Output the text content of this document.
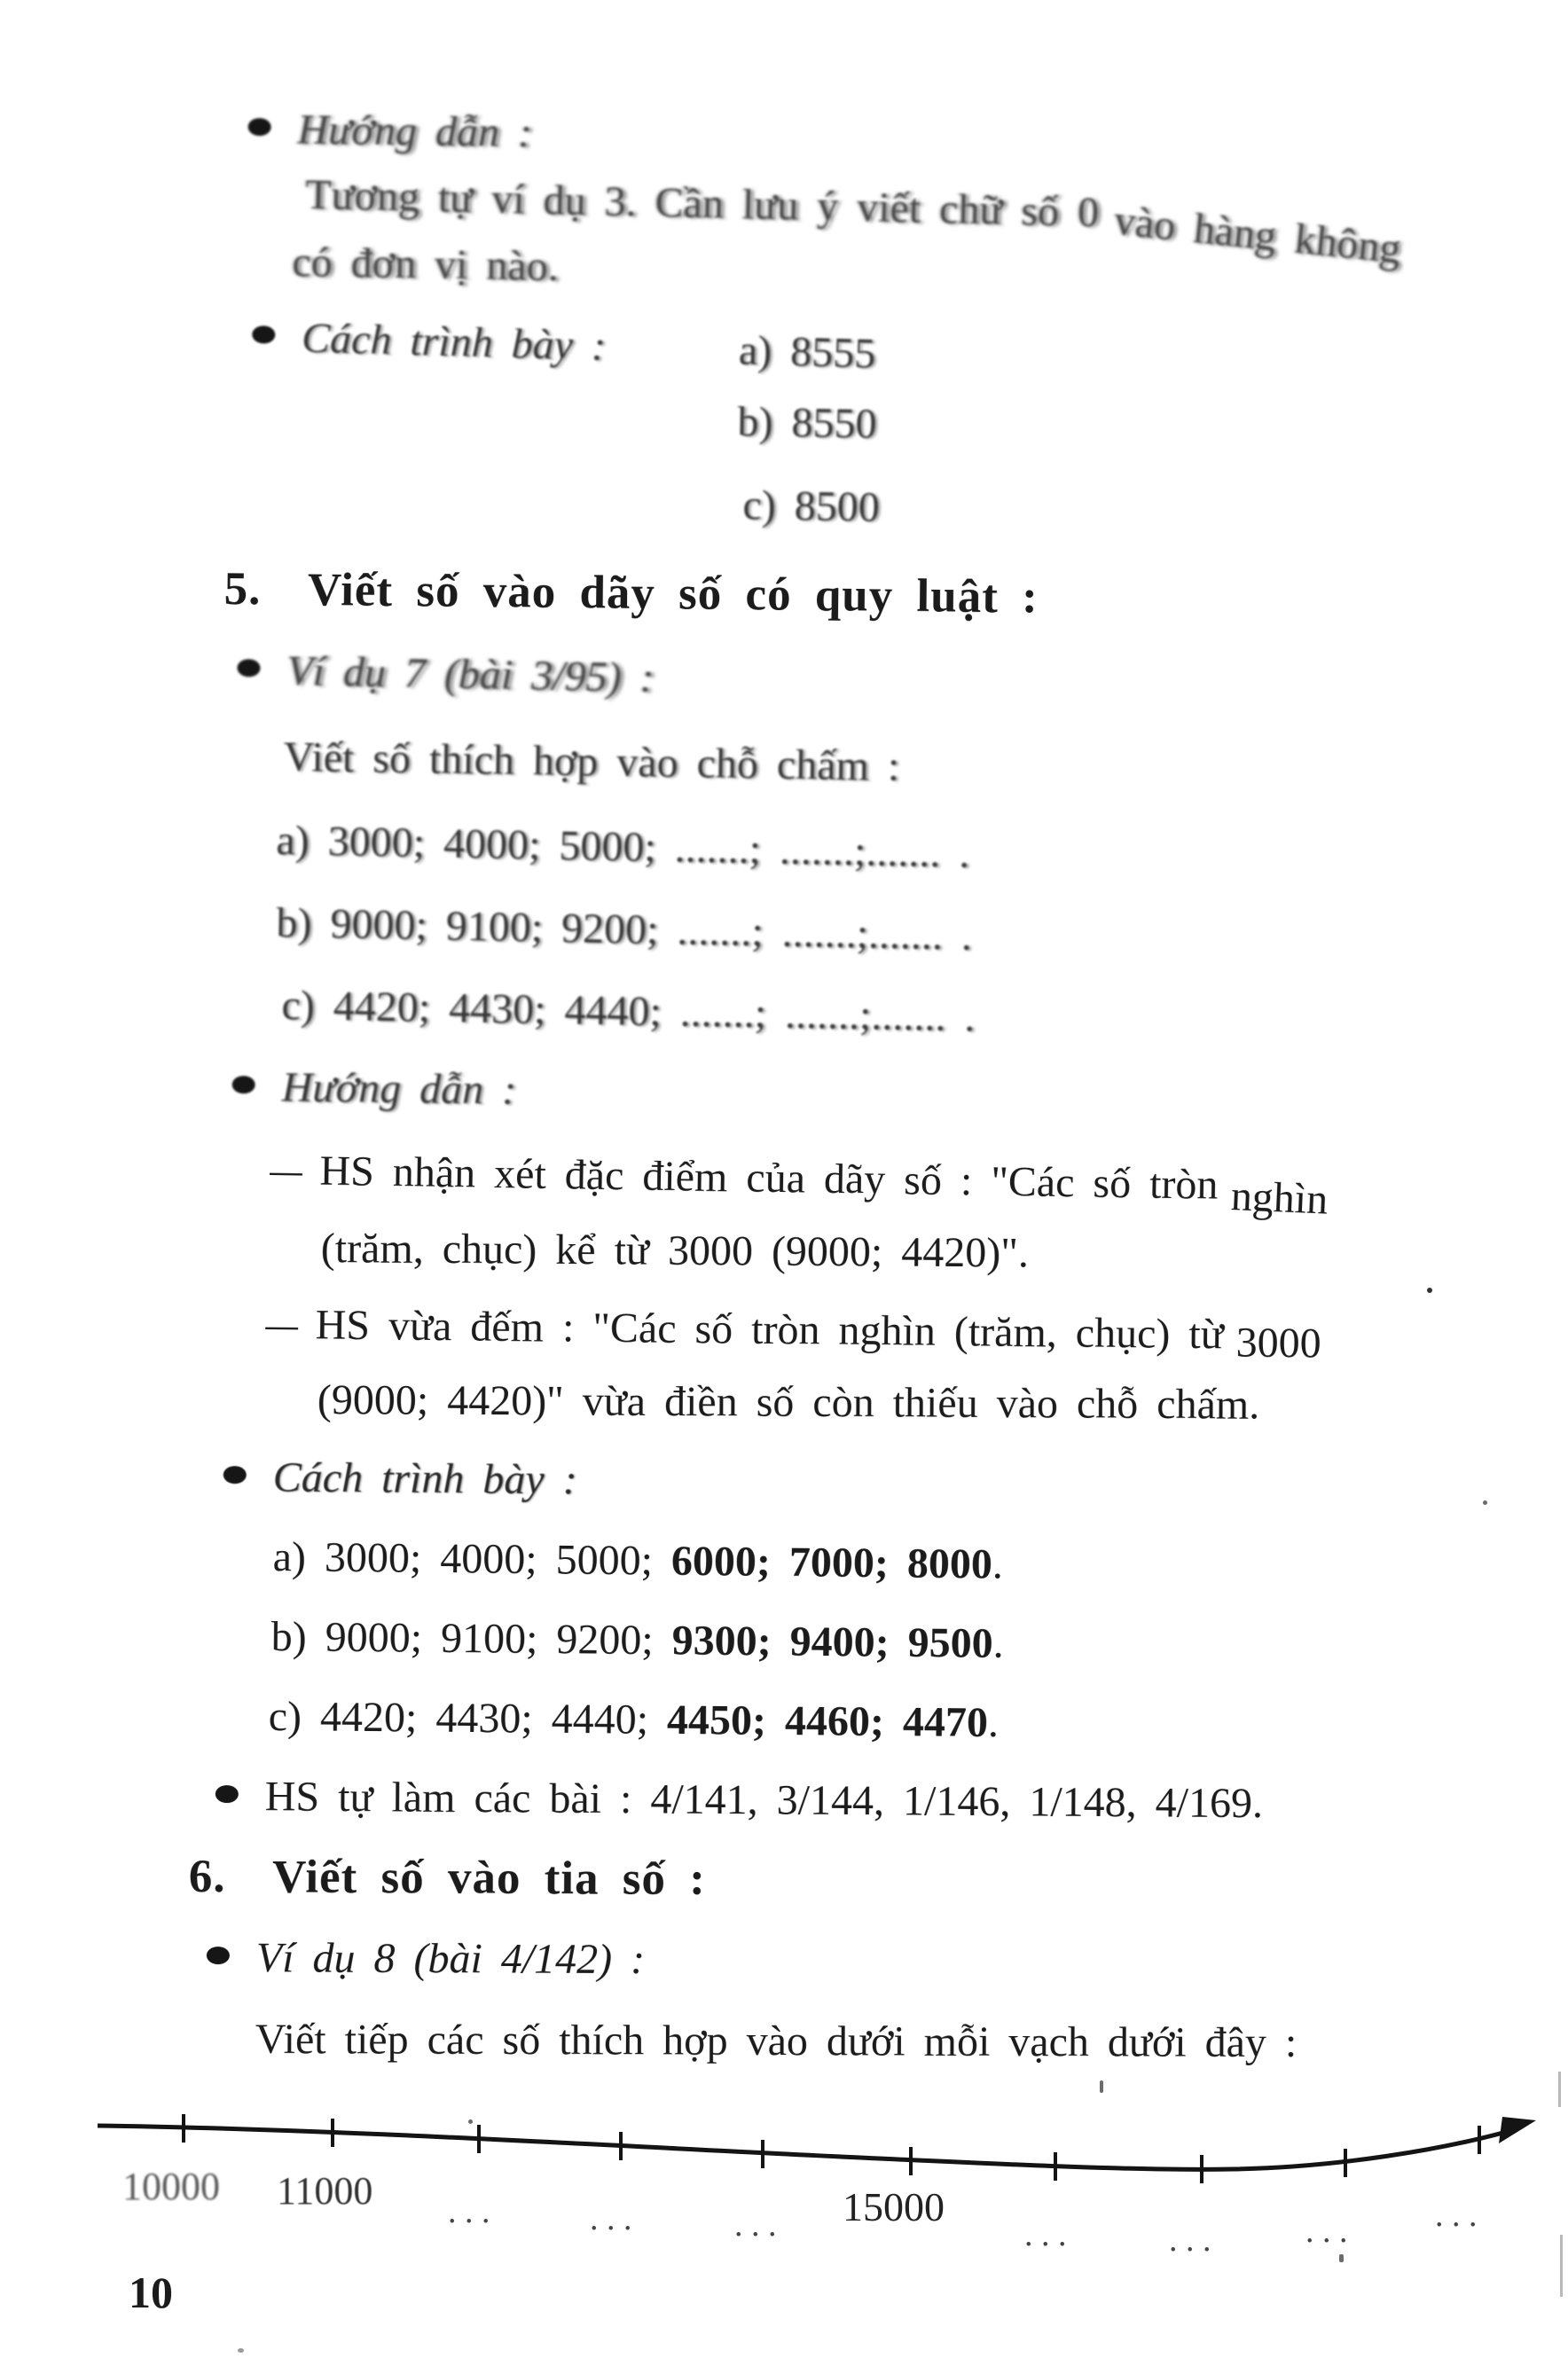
Hướng dẫn :
Tương tự ví dụ 3. Cần lưu ý viết chữ số 0 vào hàng không
có đơn vị nào.
Cách trình bày :	a) 8555
b) 8550
c) 8500
5.  Viết số vào dãy số có quy luật :
Ví dụ 7 (bài 3/95) :
Viết số thích hợp vào chỗ chấm :
a) 3000; 4000; 5000; .......; .......;....... .
b) 9000; 9100; 9200; .......; .......;....... .
c) 4420; 4430; 4440; .......; .......;....... .
Hướng dẫn :
– HS nhận xét đặc điểm của dãy số : "Các số tròn nghìn
(trăm, chục) kể từ 3000 (9000; 4420)".
– HS vừa đếm : "Các số tròn nghìn (trăm, chục) từ 3000
(9000; 4420)" vừa điền số còn thiếu vào chỗ chấm.
Cách trình bày :
a) 3000; 4000; 5000; 6000; 7000; 8000.
b) 9000; 9100; 9200; 9300; 9400; 9500.
c) 4420; 4430; 4440; 4450; 4460; 4470.
HS tự làm các bài : 4/141, 3/144, 1/146, 1/148, 4/169.
6.  Viết số vào tia số :
Ví dụ 8 (bài 4/142) :
Viết tiếp các số thích hợp vào dưới mỗi vạch dưới đây :
10000 11000 . . .	. . .	. . . 15000
. . .	. . .	. . .	. . .
10
